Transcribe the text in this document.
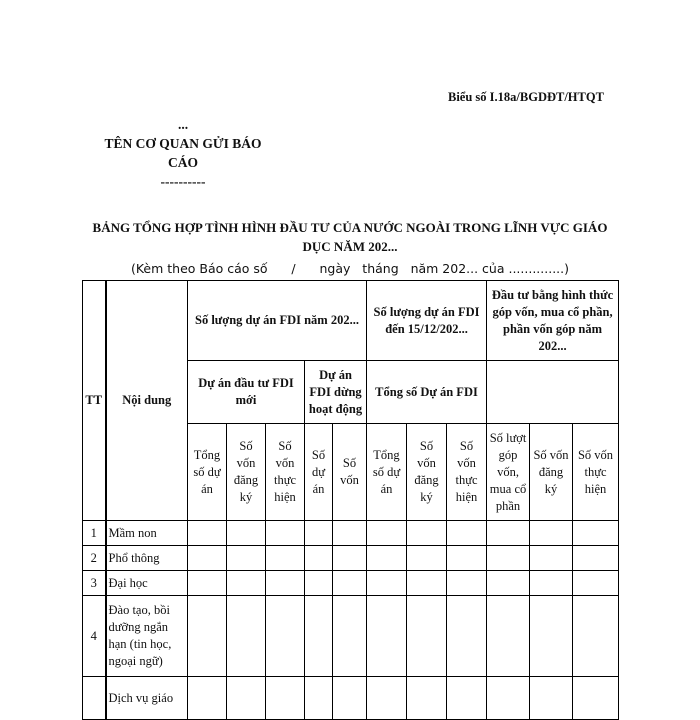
Biểu số I.18a/BGDĐT/HTQT
...
TÊN CƠ QUAN GỬI BÁO CÁO
----------
BẢNG TỔNG HỢP TÌNH HÌNH ĐẦU TƯ CỦA NƯỚC NGOÀI TRONG LĨNH VỰC GIÁO DỤC NĂM 202...
(Kèm theo Báo cáo số      /      ngày   tháng   năm 202... của ..............)
TT	Nội dung	Số lượng dự án FDI năm 202...					Số lượng dự án FDI đến 15/12/202...			Đầu tư bằng hình thức góp vốn, mua cổ phần, phần vốn góp năm 202...		
		Dự án đầu tư FDI mới			Dự án FDI dừng hoạt động		Tổng số Dự án FDI					
		Tổng số dự án	Số vốn đăng ký	Số vốn thực hiện	Số dự án	Số vốn	Tổng số dự án	Số vốn đăng ký	Số vốn thực hiện	Số lượt góp vốn, mua cổ phần	Số vốn đăng ký	Số vốn thực hiện
1	Mầm non											
2	Phổ thông											
3	Đại học											
4	Đào tạo, bồi dưỡng ngắn hạn (tin học, ngoại ngữ)											
	Dịch vụ giáo											
